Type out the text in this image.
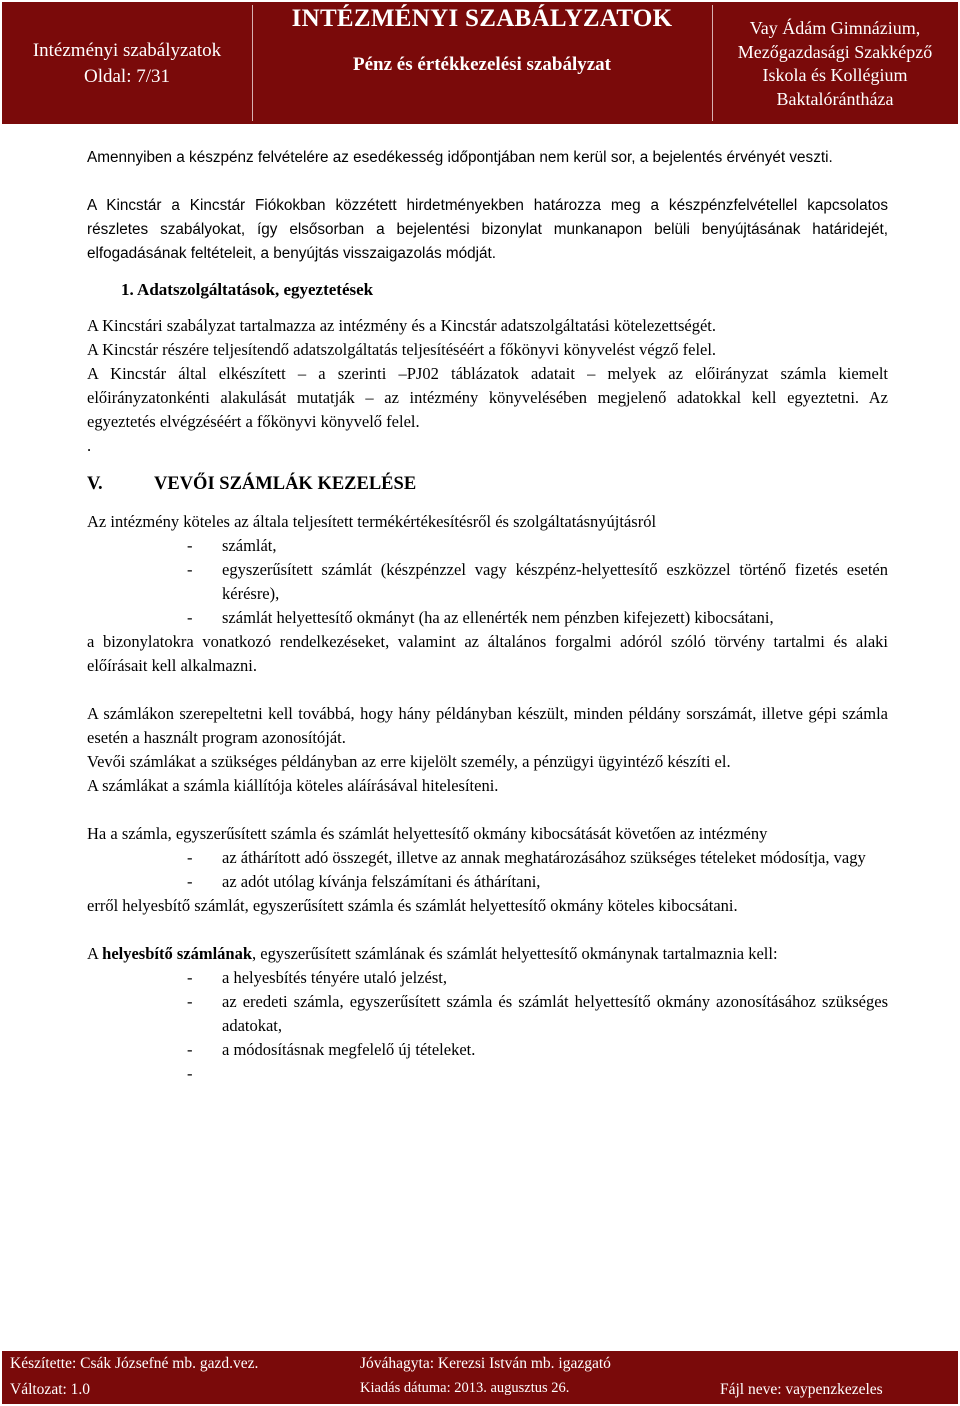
Intézményi szabályzatok
Oldal: 7/31
INTÉZMÉNYI SZABÁLYZATOK
Pénz és értékkezelési szabályzat
Vay Ádám Gimnázium,
Mezőgazdasági Szakképző
Iskola és Kollégium
Baktalórántháza

Amennyiben a készpénz felvételére az esedékesség időpontjában nem kerül sor, a bejelentés érvényét veszti.

A Kincstár a Kincstár Fiókokban közzétett hirdetményekben határozza meg a készpénzfelvétellel kapcsolatos részletes szabályokat, így elsősorban a bejelentési bizonylat munkanapon belüli benyújtásának határidejét, elfogadásának feltételeit, a benyújtás visszaigazolás módját.

1. Adatszolgáltatások, egyeztetések

A Kincstári szabályzat tartalmazza az intézmény és a Kincstár adatszolgáltatási kötelezettségét.

A Kincstár részére teljesítendő adatszolgáltatás teljesítéséért a főkönyvi könyvelést végző felel.

A Kincstár által elkészített – a szerinti –PJ02 táblázatok adatait – melyek az előirányzat számla kiemelt előirányzatonkénti alakulását mutatják – az intézmény könyvelésében megjelenő adatokkal kell egyeztetni. Az egyeztetés elvégzéséért a főkönyvi könyvelő felel.

.

V.	VEVŐI SZÁMLÁK KEZELÉSE

Az intézmény köteles az általa teljesített termékértékesítésről és szolgáltatásnyújtásról

- számlát,
- egyszerűsített számlát (készpénzzel vagy készpénz-helyettesítő eszközzel történő fizetés esetén kérésre),
- számlát helyettesítő okmányt (ha az ellenérték nem pénzben kifejezett) kibocsátani,

a bizonylatokra vonatkozó rendelkezéseket, valamint az általános forgalmi adóról szóló törvény tartalmi és alaki előírásait kell alkalmazni.

A számlákon szerepeltetni kell továbbá, hogy hány példányban készült, minden példány sorszámát, illetve gépi számla esetén a használt program azonosítóját.

Vevői számlákat a szükséges példányban az erre kijelölt személy, a pénzügyi ügyintéző készíti el.

A számlákat a számla kiállítója köteles aláírásával hitelesíteni.

Ha a számla, egyszerűsített számla és számlát helyettesítő okmány kibocsátását követően az intézmény

- az áthárított adó összegét, illetve az annak meghatározásához szükséges tételeket módosítja, vagy
- az adót utólag kívánja felszámítani és áthárítani,

erről helyesbítő számlát, egyszerűsített számla és számlát helyettesítő okmány köteles kibocsátani.

A helyesbítő számlának, egyszerűsített számlának és számlát helyettesítő okmánynak tartalmaznia kell:

- a helyesbítés tényére utaló jelzést,
- az eredeti számla, egyszerűsített számla és számlát helyettesítő okmány azonosításához szükséges adatokat,
- a módosításnak megfelelő új tételeket.
-
Készítette: Csák Józsefné mb. gazd.vez.	Jóváhagyta: Kerezsi István mb. igazgató
Változat: 1.0	Kiadás dátuma: 2013. augusztus 26.	Fájl neve: vaypenzkezeles
